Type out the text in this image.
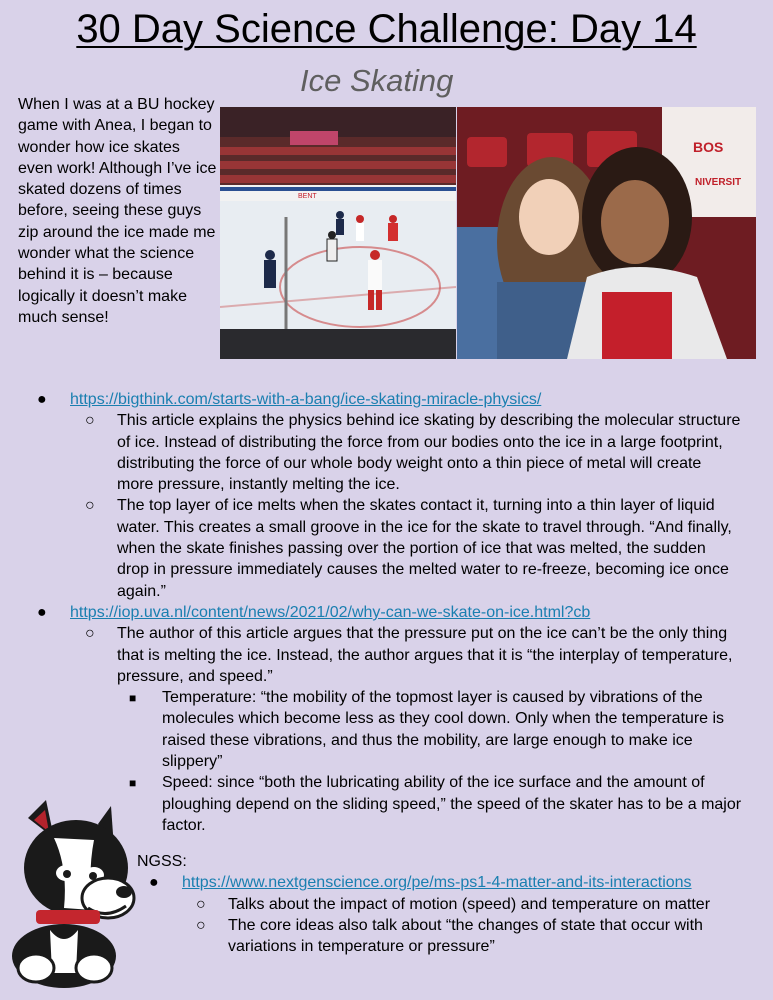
30 Day Science Challenge: Day 14
Ice Skating
When I was at a BU hockey game with Anea, I began to wonder how ice skates even work! Although I’ve ice skated dozens of times before, seeing these guys zip around the ice made me wonder what the science behind it is – because logically it doesn’t make much sense!
BENT
BOS
NIVERSIT
● https://bigthink.com/starts-with-a-bang/ice-skating-miracle-physics/
○ This article explains the physics behind ice skating by describing the molecular structure of ice. Instead of distributing the force from our bodies onto the ice in a large footprint, distributing the force of our whole body weight onto a thin piece of metal will create more pressure, instantly melting the ice.
○ The top layer of ice melts when the skates contact it, turning into a thin layer of liquid water. This creates a small groove in the ice for the skate to travel through. “And finally, when the skate finishes passing over the portion of ice that was melted, the sudden drop in pressure immediately causes the melted water to re-freeze, becoming ice once again.”
● https://iop.uva.nl/content/news/2021/02/why-can-we-skate-on-ice.html?cb
○ The author of this article argues that the pressure put on the ice can’t be the only thing that is melting the ice. Instead, the author argues that it is “the interplay of temperature, pressure, and speed.”
■ Temperature: “the mobility of the topmost layer is caused by vibrations of the molecules which become less as they cool down. Only when the temperature is raised these vibrations, and thus the mobility, are large enough to make ice slippery”
■ Speed: since “both the lubricating ability of the ice surface and the amount of ploughing depend on the sliding speed,” the speed of the skater has to be a major factor.
NGSS:
● https://www.nextgenscience.org/pe/ms-ps1-4-matter-and-its-interactions
○ Talks about the impact of motion (speed) and temperature on matter
○ The core ideas also talk about “the changes of state that occur with variations in temperature or pressure”
